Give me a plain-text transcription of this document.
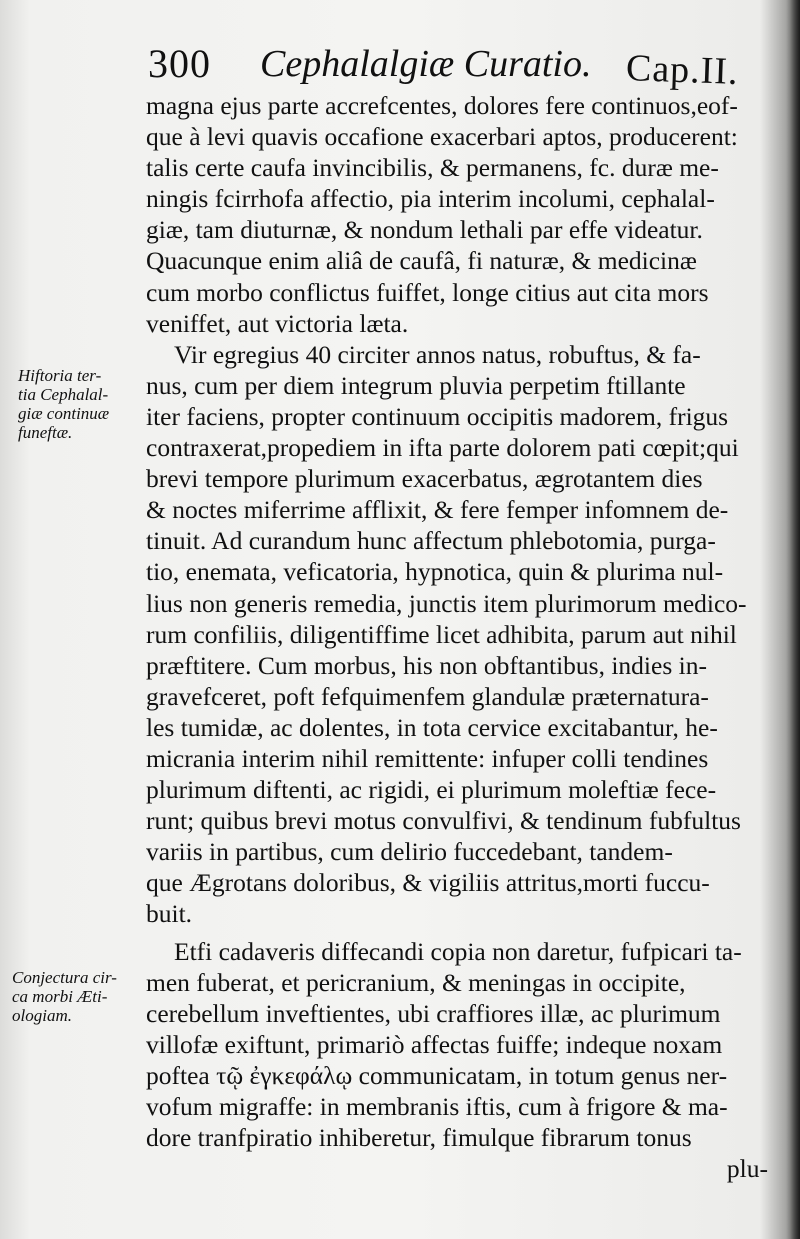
300 Cephalalgiæ Curatio. Cap.II.
magna ejus parte accrefcentes, dolores fere continuos,eof-
que à levi quavis occafione exacerbari aptos, producerent:
talis certe caufa invincibilis, & permanens, fc. duræ me-
ningis fcirrhofa affectio, pia interim incolumi, cephalal-
giæ, tam diuturnæ, & nondum lethali par effe videatur.
Quacunque enim aliâ de caufâ, fi naturæ, & medicinæ
cum morbo conflictus fuiffet, longe citius aut cita mors
veniffet, aut victoria læta.
Vir egregius 40 circiter annos natus, robuftus, & fa-
nus, cum per diem integrum pluvia perpetim ftillante
iter faciens, propter continuum occipitis madorem, frigus
contraxerat,propediem in ifta parte dolorem pati cœpit;qui
brevi tempore plurimum exacerbatus, ægrotantem dies
& noctes miferrime afflixit, & fere femper infomnem de-
tinuit. Ad curandum hunc affectum phlebotomia, purga-
tio, enemata, veficatoria, hypnotica, quin & plurima nul-
lius non generis remedia, junctis item plurimorum medico-
rum confiliis, diligentiffime licet adhibita, parum aut nihil
præftitere. Cum morbus, his non obftantibus, indies in-
gravefceret, poft fefquimenfem glandulæ præternatura-
les tumidæ, ac dolentes, in tota cervice excitabantur, he-
micrania interim nihil remittente: infuper colli tendines
plurimum diftenti, ac rigidi, ei plurimum moleftiæ fece-
runt; quibus brevi motus convulfivi, & tendinum fubfultus
variis in partibus, cum delirio fuccedebant, tandem-
que Ægrotans doloribus, & vigiliis attritus,morti fuccu-
buit.
Etfi cadaveris diffecandi copia non daretur, fufpicari ta-
men fuberat, et pericranium, & meningas in occipite,
cerebellum inveftientes, ubi craffiores illæ, ac plurimum
villofæ exiftunt, primariò affectas fuiffe; indeque noxam
poftea τῷ ἐγκεφάλῳ communicatam, in totum genus ner-
vofum migraffe: in membranis iftis, cum à frigore & ma-
dore tranfpiratio inhiberetur, fimulque fibrarum tonus
plu-
Hiftoria ter-
tia Cephalal-
giæ continuæ
funeftæ.
Conjectura cir-
ca morbi Æti-
ologiam.
